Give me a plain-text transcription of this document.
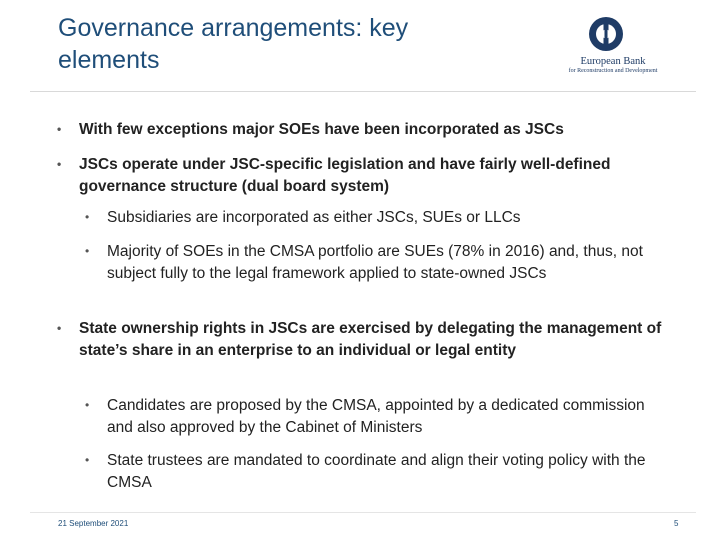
Governance arrangements: key elements	European Bank
for Reconstruction and Development
• With few exceptions major SOEs have been incorporated as JSCs
• JSCs operate under JSC-specific legislation and have fairly well-defined governance structure (dual board system)
• Subsidiaries are incorporated as either JSCs, SUEs or LLCs
• Majority of SOEs in the CMSA portfolio are SUEs (78% in 2016) and, thus, not subject fully to the legal framework applied to state-owned JSCs
• State ownership rights in JSCs are exercised by delegating the management of state’s share in an enterprise to an individual or legal entity
• Candidates are proposed by the CMSA, appointed by a dedicated commission and also approved by the Cabinet of Ministers
• State trustees are mandated to coordinate and align their voting policy with the CMSA
21 September 2021	5
